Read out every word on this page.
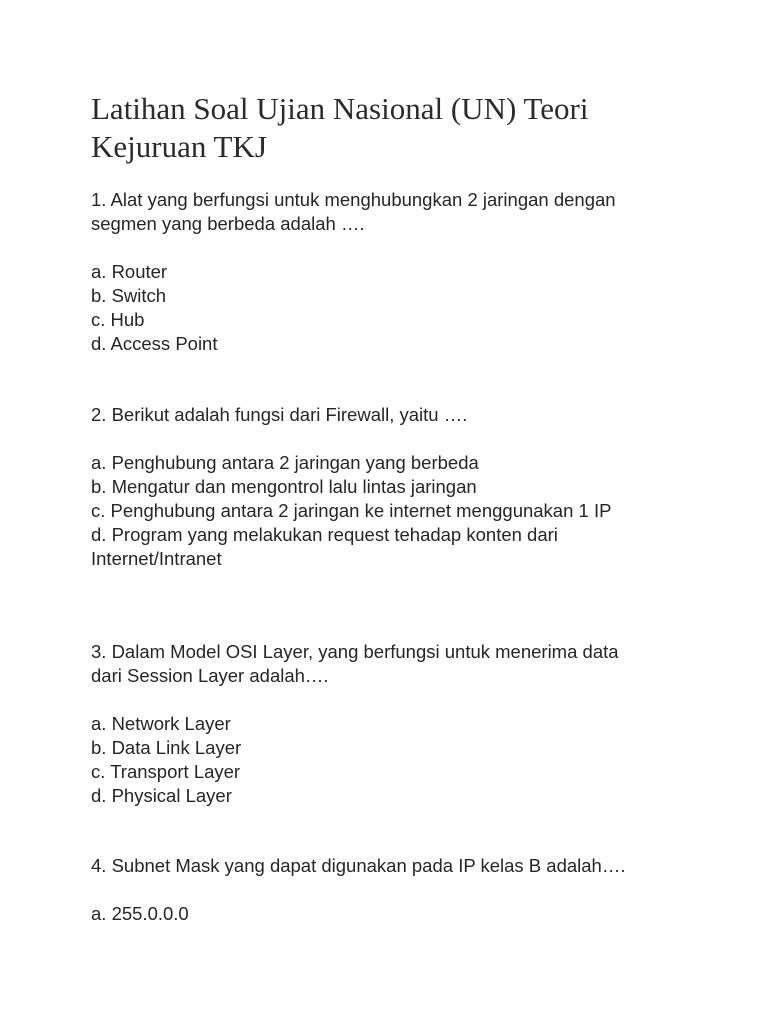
Latihan Soal Ujian Nasional (UN) Teori Kejuruan TKJ
1. Alat yang berfungsi untuk menghubungkan 2 jaringan dengan
segmen yang berbeda adalah ….
a. Router
b. Switch
c. Hub
d. Access Point
2. Berikut adalah fungsi dari Firewall, yaitu ….
a. Penghubung antara 2 jaringan yang berbeda
b. Mengatur dan mengontrol lalu lintas jaringan
c. Penghubung antara 2 jaringan ke internet menggunakan 1 IP
d. Program yang melakukan request tehadap konten dari Internet/Intranet
3. Dalam Model OSI Layer, yang berfungsi untuk menerima data
dari Session Layer adalah….
a. Network Layer
b. Data Link Layer
c. Transport Layer
d. Physical Layer
4. Subnet Mask yang dapat digunakan pada IP kelas B adalah….
a. 255.0.0.0
